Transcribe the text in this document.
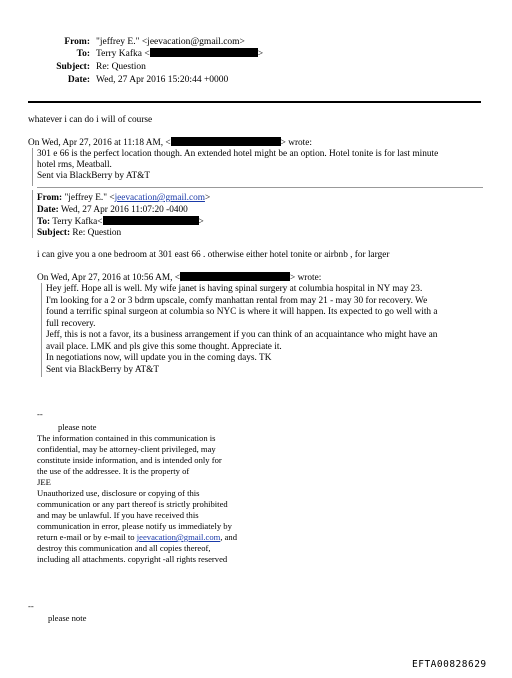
From: "jeffrey E." <jeevacation@gmail.com>
To: Terry Kafka <	>
Subject: Re: Question
Date: Wed, 27 Apr 2016 15:20:44 +0000
whatever i can do i will of course
On Wed, Apr 27, 2016 at 11:18 AM, <	> wrote:
301 e 66 is the perfect location though. An extended hotel might be an option. Hotel tonite is for last minute
hotel rms, Meatball.
Sent via BlackBerry by AT&T
From: "jeffrey E." <jeevacation@gmail.com>
Date: Wed, 27 Apr 2016 11:07:20 -0400
To: Terry Kafka<	>
Subject: Re: Question
i can give you a one bedroom at 301 east 66 . otherwise either hotel tonite or airbnb , for larger
On Wed, Apr 27, 2016 at 10:56 AM, <	> wrote:
Hey jeff. Hope all is well. My wife janet is having spinal surgery at columbia hospital in NY may 23.
I'm looking for a 2 or 3 bdrm upscale, comfy manhattan rental from may 21 - may 30 for recovery. We
found a terrific spinal surgeon at columbia so NYC is where it will happen. Its expected to go well with a
full recovery.
Jeff, this is not a favor, its a business arrangement if you can think of an acquaintance who might have an
avail place. LMK and pls give this some thought. Appreciate it.
In negotiations now, will update you in the coming days. TK
Sent via BlackBerry by AT&T
--
please note
The information contained in this communication is
confidential, may be attorney-client privileged, may
constitute inside information, and is intended only for
the use of the addressee. It is the property of
JEE
Unauthorized use, disclosure or copying of this
communication or any part thereof is strictly prohibited
and may be unlawful. If you have received this
communication in error, please notify us immediately by
return e-mail or by e-mail to jeevacation@gmail.com, and
destroy this communication and all copies thereof,
including all attachments. copyright -all rights reserved
--
please note
EFTA00828629
